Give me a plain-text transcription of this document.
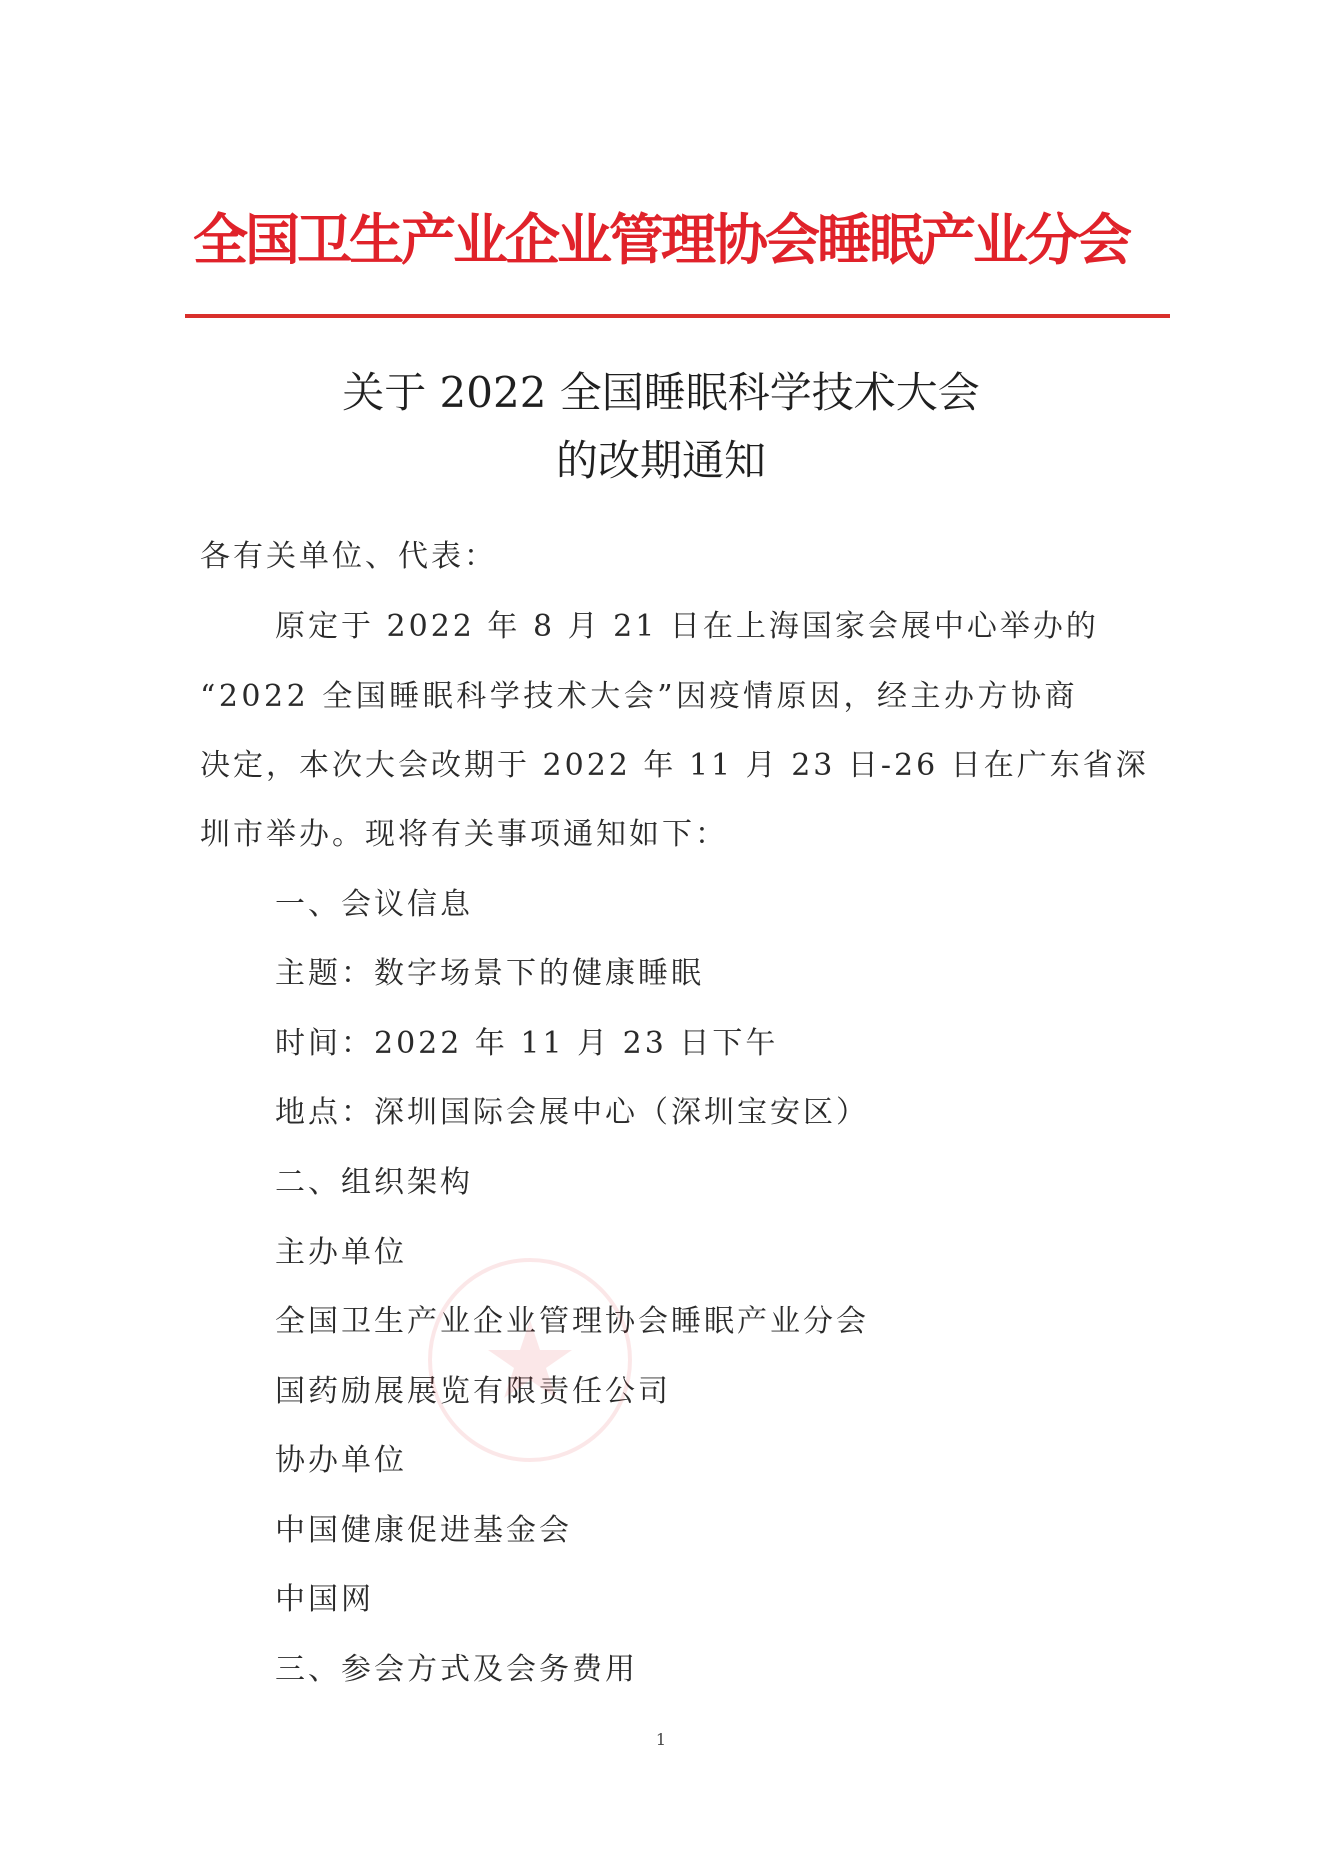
全国卫生产业企业管理协会睡眠产业分会
关于 2022 全国睡眠科学技术大会
的改期通知
各有关单位、代表：
原定于 2022 年 8 月 21 日在上海国家会展中心举办的
“2022 全国睡眠科学技术大会”因疫情原因，经主办方协商
决定，本次大会改期于 2022 年 11 月 23 日-26 日在广东省深
圳市举办。现将有关事项通知如下：
一、会议信息
主题：数字场景下的健康睡眠
时间：2022 年 11 月 23 日下午
地点：深圳国际会展中心（深圳宝安区）
二、组织架构
主办单位
全国卫生产业企业管理协会睡眠产业分会
国药励展展览有限责任公司
协办单位
中国健康促进基金会
中国网
三、参会方式及会务费用
1
